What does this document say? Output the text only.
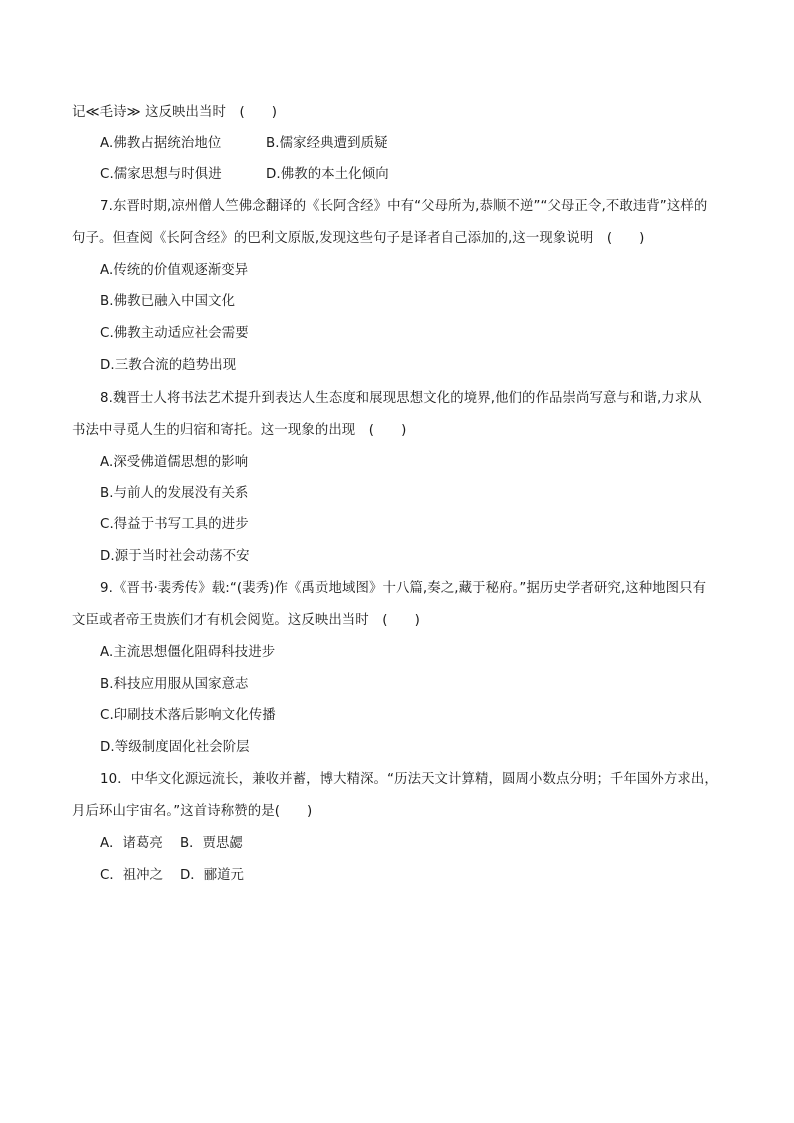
记≪毛诗≫ 这反映出当时　(　　)
A.佛教占据统治地位	B.儒家经典遭到质疑
C.儒家思想与时俱进	D.佛教的本土化倾向
7.东晋时期,凉州僧人竺佛念翻译的《长阿含经》中有“父母所为,恭顺不逆”“父母正令,不敢违背”这样的
句子。但查阅《长阿含经》的巴利文原版,发现这些句子是译者自己添加的,这一现象说明　(　　)
A.传统的价值观逐渐变异
B.佛教已融入中国文化
C.佛教主动适应社会需要
D.三教合流的趋势出现
8.魏晋士人将书法艺术提升到表达人生态度和展现思想文化的境界,他们的作品崇尚写意与和谐,力求从
书法中寻觅人生的归宿和寄托。这一现象的出现　(　　)
A.深受佛道儒思想的影响
B.与前人的发展没有关系
C.得益于书写工具的进步
D.源于当时社会动荡不安
9.《晋书·裴秀传》载:“(裴秀)作《禹贡地域图》十八篇,奏之,藏于秘府。”据历史学者研究,这种地图只有
文臣或者帝王贵族们才有机会阅览。这反映出当时　(　　)
A.主流思想僵化阻碍科技进步
B.科技应用服从国家意志
C.印刷技术落后影响文化传播
D.等级制度固化社会阶层
10．中华文化源远流长，兼收并蓄，博大精深。“历法天文计算精，圆周小数点分明；千年国外方求出，
月后环山宇宙名。”这首诗称赞的是(　　)
A．诸葛亮 B．贾思勰
C．祖冲之 D．郦道元
